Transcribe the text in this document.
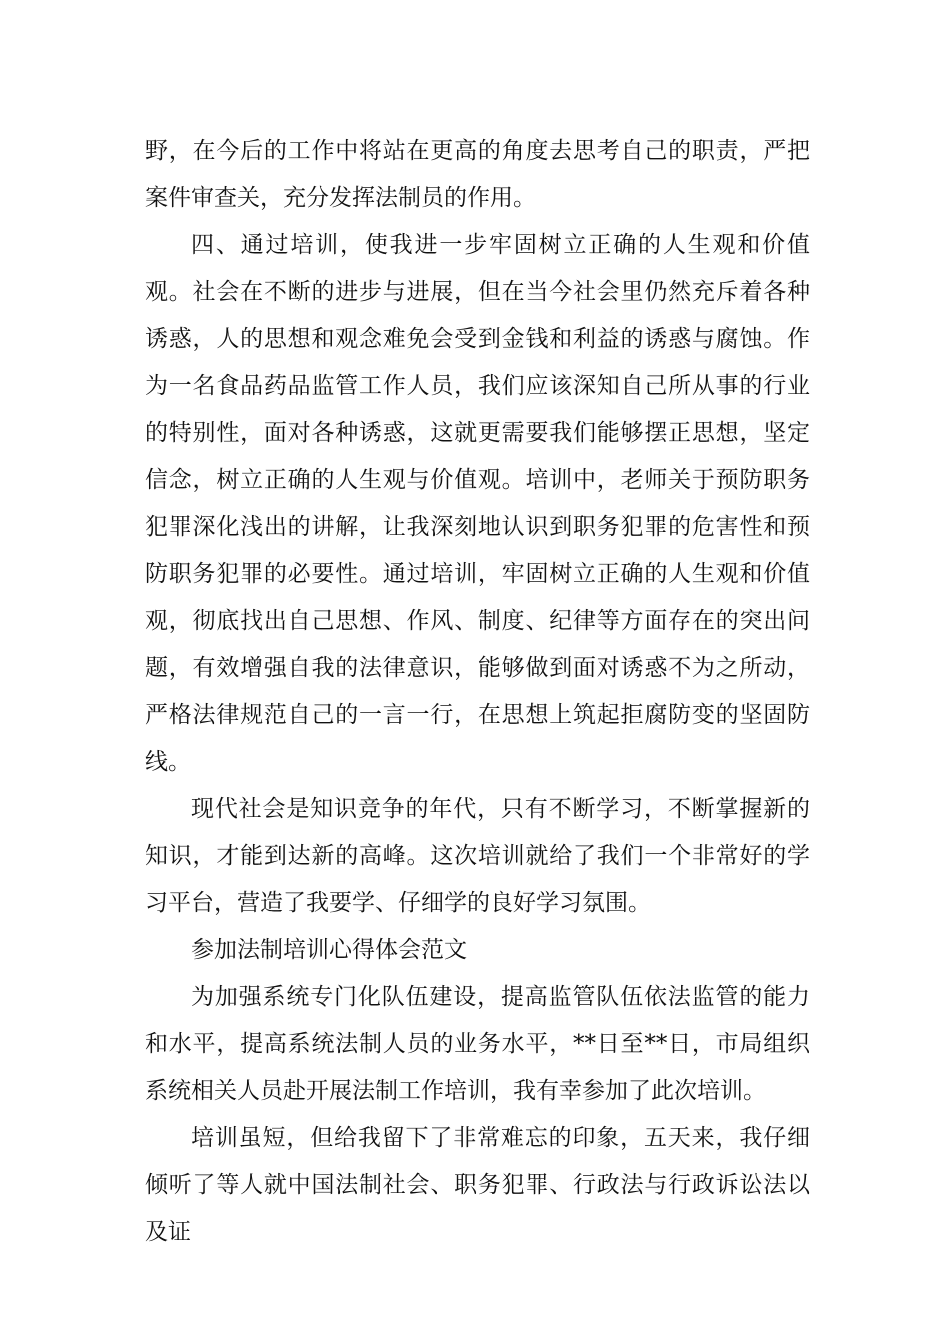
野，在今后的工作中将站在更高的角度去思考自己的职责，严把案件审查关，充分发挥法制员的作用。

四、通过培训，使我进一步牢固树立正确的人生观和价值观。社会在不断的进步与进展，但在当今社会里仍然充斥着各种诱惑，人的思想和观念难免会受到金钱和利益的诱惑与腐蚀。作为一名食品药品监管工作人员，我们应该深知自己所从事的行业的特别性，面对各种诱惑，这就更需要我们能够摆正思想，坚定信念，树立正确的人生观与价值观。培训中，老师关于预防职务犯罪深化浅出的讲解，让我深刻地认识到职务犯罪的危害性和预防职务犯罪的必要性。通过培训，牢固树立正确的人生观和价值观，彻底找出自己思想、作风、制度、纪律等方面存在的突出问题，有效增强自我的法律意识，能够做到面对诱惑不为之所动，严格法律规范自己的一言一行，在思想上筑起拒腐防变的坚固防线。

现代社会是知识竞争的年代，只有不断学习，不断掌握新的知识，才能到达新的高峰。这次培训就给了我们一个非常好的学习平台，营造了我要学、仔细学的良好学习氛围。

参加法制培训心得体会范文

为加强系统专门化队伍建设，提高监管队伍依法监管的能力和水平，提高系统法制人员的业务水平，**日至**日，市局组织系统相关人员赴开展法制工作培训，我有幸参加了此次培训。

培训虽短，但给我留下了非常难忘的印象，五天来，我仔细倾听了等人就中国法制社会、职务犯罪、行政法与行政诉讼法以及证
